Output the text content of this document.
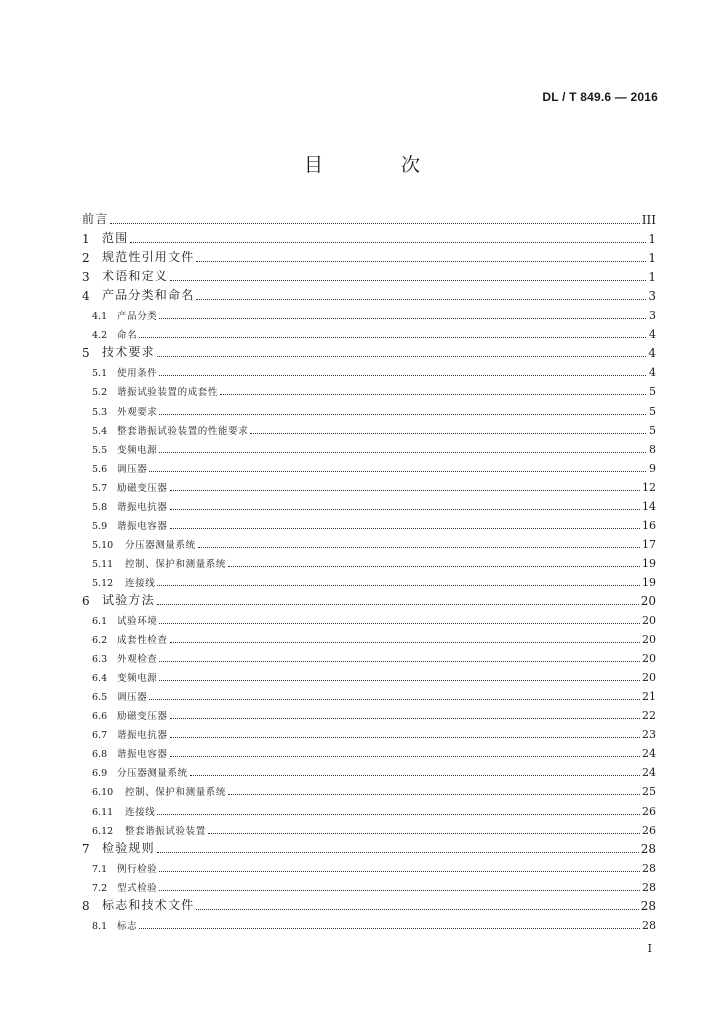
DL / T 849.6 — 2016
目 次
前言	III
1	范围	1
2	规范性引用文件	1
3	术语和定义	1
4	产品分类和命名	3
4.1	产品分类	3
4.2	命名	4
5	技术要求	4
5.1	使用条件	4
5.2	谐振试验装置的成套性	5
5.3	外观要求	5
5.4	整套谐振试验装置的性能要求	5
5.5	变频电源	8
5.6	调压器	9
5.7	励磁变压器	12
5.8	谐振电抗器	14
5.9	谐振电容器	16
5.10	分压器测量系统	17
5.11	控制、保护和测量系统	19
5.12	连接线	19
6	试验方法	20
6.1	试验环境	20
6.2	成套性检查	20
6.3	外观检查	20
6.4	变频电源	20
6.5	调压器	21
6.6	励磁变压器	22
6.7	谐振电抗器	23
6.8	谐振电容器	24
6.9	分压器测量系统	24
6.10	控制、保护和测量系统	25
6.11	连接线	26
6.12	整套谐振试验装置	26
7	检验规则	28
7.1	例行检验	28
7.2	型式检验	28
8	标志和技术文件	28
8.1	标志	28
I
